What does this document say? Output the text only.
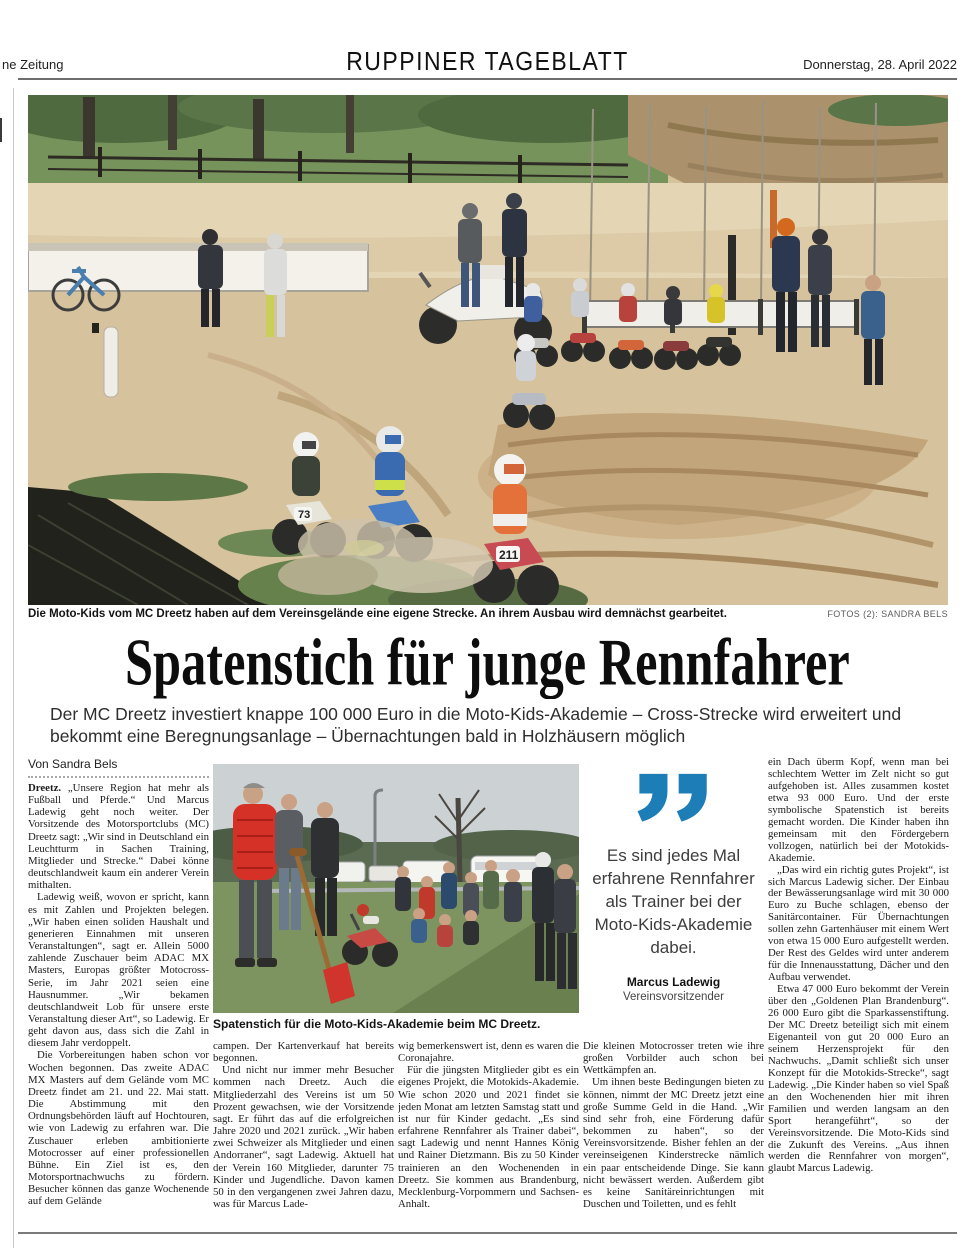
ne Zeitung	RUPPINER TAGEBLATT	Donnerstag, 28. April 2022
73
211
Die Moto-Kids vom MC Dreetz haben auf dem Vereinsgelände eine eigene Strecke. An ihrem Ausbau wird demnächst gearbeitet.	FOTOS (2): SANDRA BELS
Spatenstich für junge Rennfahrer
Der MC Dreetz investiert knappe 100 000 Euro in die Moto-Kids-Akademie – Cross-Strecke wird erweitert und bekommt eine Beregnungsanlage – Übernachtungen bald in Holzhäusern möglich
Von Sandra Bels

Dreetz. „Unsere Region hat mehr als Fußball und Pferde.“ Und Marcus Ladewig geht noch weiter. Der Vorsitzende des Motorsportclubs (MC) Dreetz sagt: „Wir sind in Deutschland ein Leuchtturm in Sachen Training, Mitglieder und Strecke.“ Dabei könne deutschlandweit kaum ein anderer Verein mithalten.

Ladewig weiß, wovon er spricht, kann es mit Zahlen und Projekten belegen. „Wir haben einen soliden Haushalt und generieren Einnahmen mit unseren Veranstaltungen“, sagt er. Allein 5000 zahlende Zuschauer beim ADAC MX Masters, Europas größter Motocross-Serie, im Jahr 2021 seien eine Hausnummer. „Wir bekamen deutschlandweit Lob für unsere erste Veranstaltung dieser Art“, so Ladewig. Er geht davon aus, dass sich die Zahl in diesem Jahr verdoppelt.

Die Vorbereitungen haben schon vor Wochen begonnen. Das zweite ADAC MX Masters auf dem Gelände vom MC Dreetz findet am 21. und 22. Mai statt. Die Abstimmung mit den Ordnungsbehörden läuft auf Hochtouren, wie von Ladewig zu erfahren war. Die Zuschauer erleben ambitionierte Motocrosser auf einer professionellen Bühne. Ein Ziel ist es, den Motorsportnachwuchs zu fördern. Besucher können das ganze Wochenende auf dem Gelände

Spatenstich für die Moto-Kids-Akademie beim MC Dreetz.

campen. Der Kartenverkauf hat bereits begonnen.

Und nicht nur immer mehr Besucher kommen nach Dreetz. Auch die Mitgliederzahl des Vereins ist um 50 Prozent gewachsen, wie der Vorsitzende sagt. Er führt das auf die erfolgreichen Jahre 2020 und 2021 zurück. „Wir haben zwei Schweizer als Mitglieder und einen Andorraner“, sagt Ladewig. Aktuell hat der Verein 160 Mitglieder, darunter 75 Kinder und Jugendliche. Davon kamen 50 in den vergangenen zwei Jahren dazu, was für Marcus Lade-

wig bemerkenswert ist, denn es waren die Coronajahre.

Für die jüngsten Mitglieder gibt es ein eigenes Projekt, die Motokids-Akademie. Wie schon 2020 und 2021 findet sie jeden Monat am letzten Samstag statt und ist nur für Kinder gedacht. „Es sind erfahrene Rennfahrer als Trainer dabei“, sagt Ladewig und nennt Hannes König und Rainer Dietzmann. Bis zu 50 Kinder trainieren an den Wochenenden in Dreetz. Sie kommen aus Brandenburg, Mecklenburg-Vorpommern und Sachsen-Anhalt.

Es sind jedes Mal erfahrene Rennfahrer als Trainer bei der Moto-Kids-Akademie dabei.
Marcus Ladewig
Vereinsvorsitzender

Die kleinen Motocrosser treten wie ihre großen Vorbilder auch schon bei Wettkämpfen an.

Um ihnen beste Bedingungen bieten zu können, nimmt der MC Dreetz jetzt eine große Summe Geld in die Hand. „Wir sind sehr froh, eine Förderung dafür bekommen zu haben“, so der Vereinsvorsitzende. Bisher fehlen an der vereinseigenen Kinderstrecke nämlich ein paar entscheidende Dinge. Sie kann nicht bewässert werden. Außerdem gibt es keine Sanitäreinrichtungen mit Duschen und Toiletten, und es fehlt

ein Dach überm Kopf, wenn man bei schlechtem Wetter im Zelt nicht so gut aufgehoben ist. Alles zusammen kostet etwa 93 000 Euro. Und der erste symbolische Spatenstich ist bereits gemacht worden. Die Kinder haben ihn gemeinsam mit den Fördergebern vollzogen, natürlich bei der Motokids-Akademie.

„Das wird ein richtig gutes Projekt“, ist sich Marcus Ladewig sicher. Der Einbau der Bewässerungsanlage wird mit 30 000 Euro zu Buche schlagen, ebenso der Sanitärcontainer. Für Übernachtungen sollen zehn Gartenhäuser mit einem Wert von etwa 15 000 Euro aufgestellt werden. Der Rest des Geldes wird unter anderem für die Innenausstattung, Dächer und den Aufbau verwendet.

Etwa 47 000 Euro bekommt der Verein über den „Goldenen Plan Brandenburg“. 26 000 Euro gibt die Sparkassenstiftung. Der MC Dreetz beteiligt sich mit einem Eigenanteil von gut 20 000 Euro an seinem Herzensprojekt für den Nachwuchs. „Damit schließt sich unser Konzept für die Motokids-Strecke“, sagt Ladewig. „Die Kinder haben so viel Spaß an den Wochenenden hier mit ihren Familien und werden langsam an den Sport herangeführt“, so der Vereinsvorsitzende. Die Moto-Kids sind die Zukunft des Vereins. „Aus ihnen werden die Rennfahrer von morgen“, glaubt Marcus Ladewig.
